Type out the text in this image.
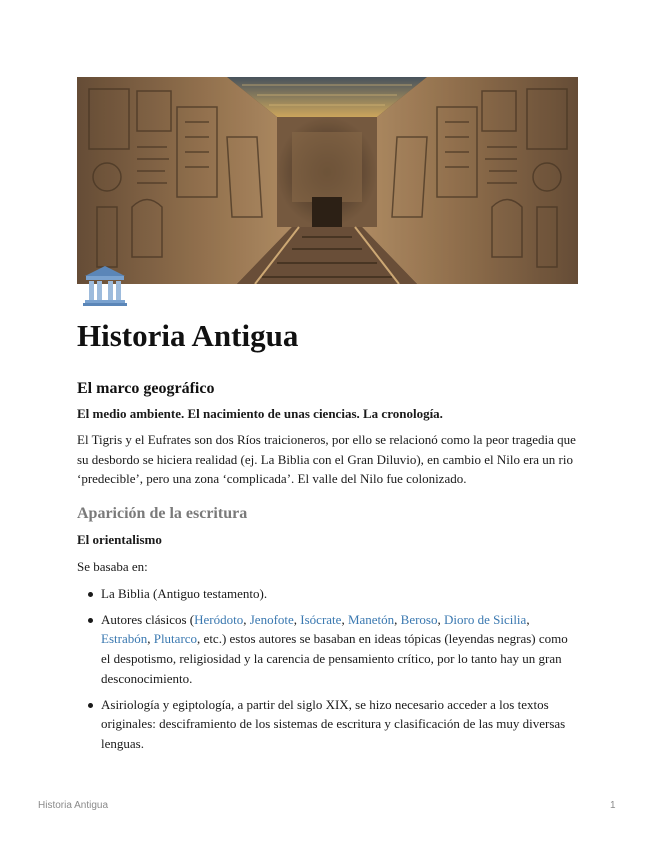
Historia Antigua
El marco geográfico

El medio ambiente. El nacimiento de unas ciencias. La cronología.

El Tigris y el Eufrates son dos Ríos traicioneros, por ello se relacionó como la peor tragedia que su desbordo se hiciera realidad (ej. La Biblia con el Gran Diluvio), en cambio el Nilo era un rio ‘predecible’, pero una zona ‘complicada’. El valle del Nilo fue colonizado.

Aparición de la escritura

El orientalismo

Se basaba en:

La Biblia (Antiguo testamento).
Autores clásicos (Heródoto, Jenofote, Isócrate, Manetón, Beroso, Dioro de Sicilia, Estrabón, Plutarco, etc.) estos autores se basaban en ideas tópicas (leyendas negras) como el despotismo, religiosidad y la carencia de pensamiento crítico, por lo tanto hay un gran desconocimiento.
Asiriología y egiptología, a partir del siglo XIX, se hizo necesario acceder a los textos originales: desciframiento de los sistemas de escritura y clasificación de las muy diversas lenguas.
Historia Antigua	1
